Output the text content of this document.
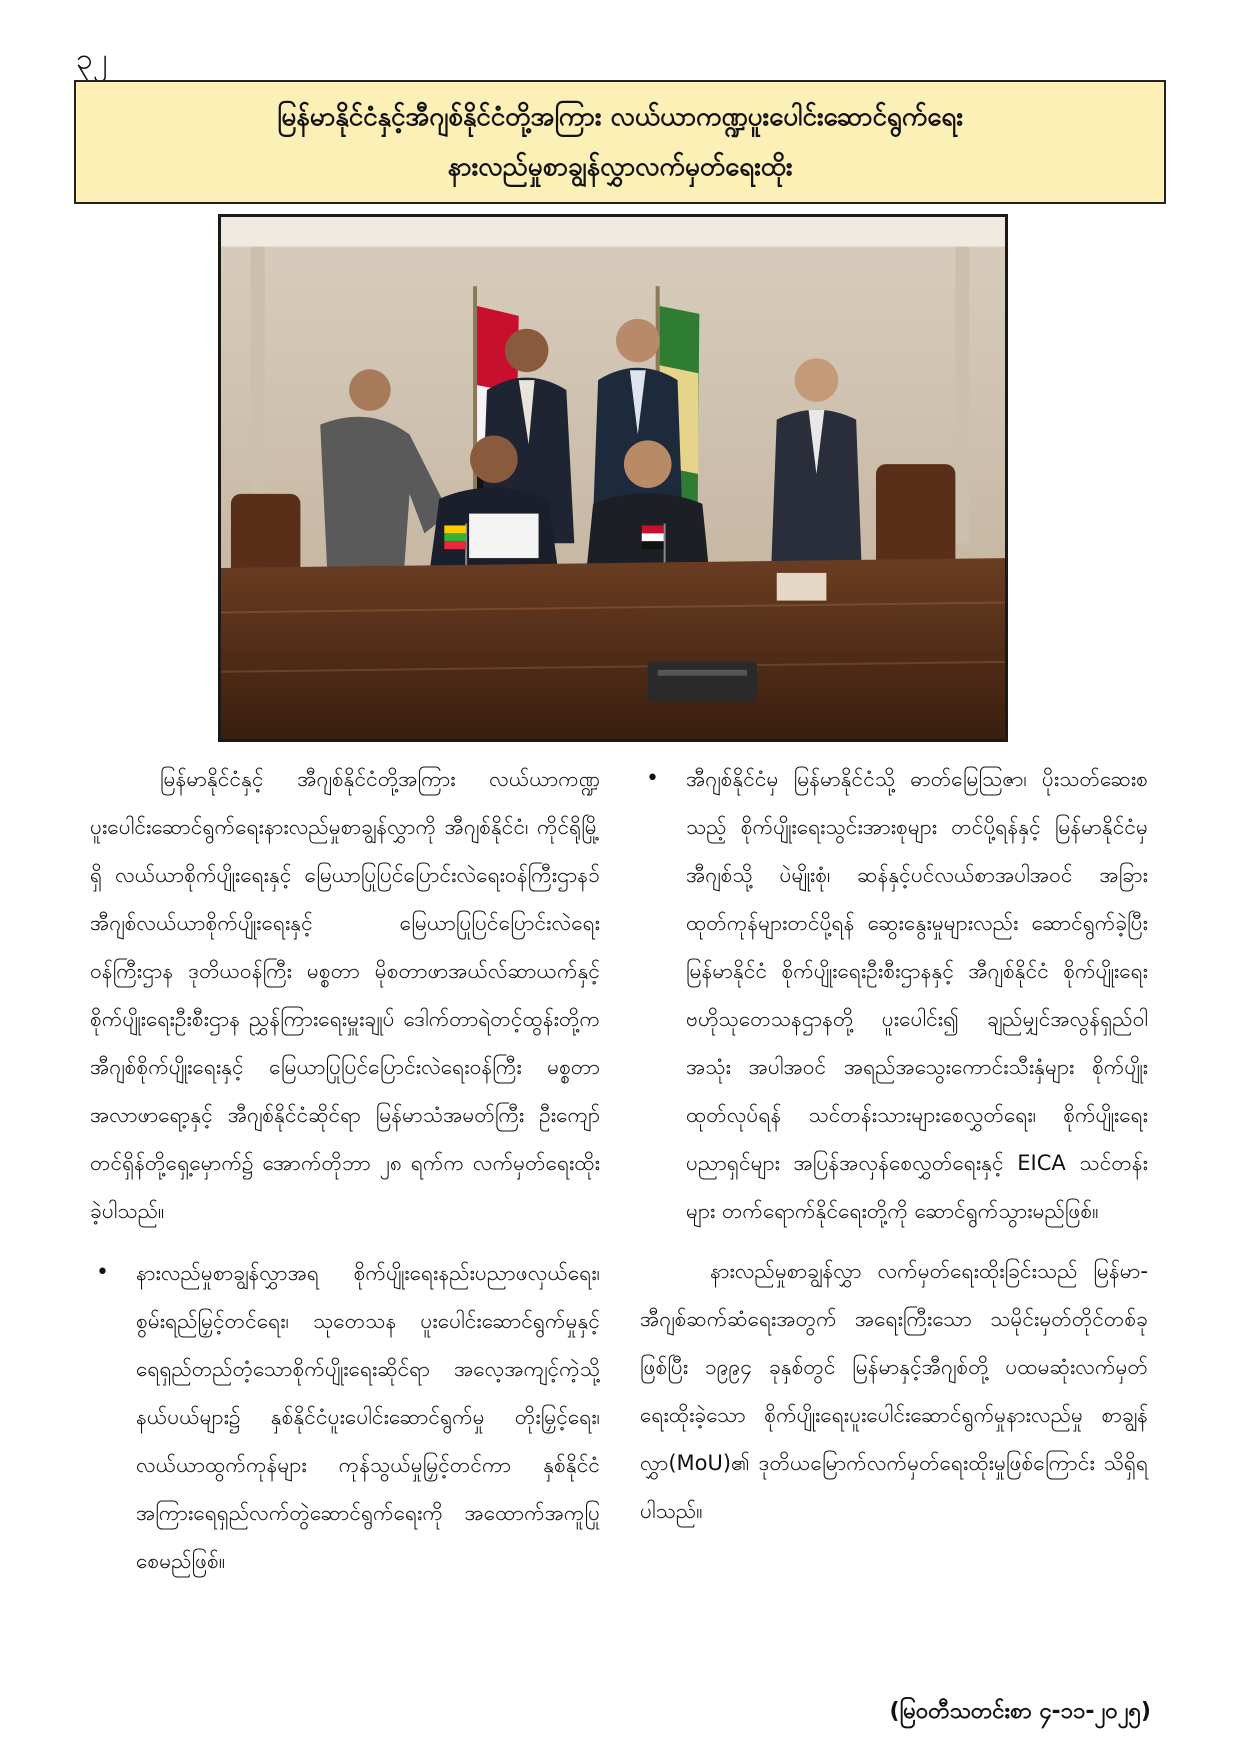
၃၂
မြန်မာနိုင်ငံနှင့်အီဂျစ်နိုင်ငံတို့အကြား လယ်ယာကဏ္ဍပူးပေါင်းဆောင်ရွက်ရေး
နားလည်မှုစာချွန်လွှာလက်မှတ်ရေးထိုး

မြန်မာနိုင်ငံနှင့် အီဂျစ်နိုင်ငံတို့အကြား လယ်ယာကဏ္ဍပူးပေါင်းဆောင်ရွက်ရေးနားလည်မှုစာချွန်လွှာကို အီဂျစ်နိုင်ငံ၊ ကိုင်ရိုမြို့ရှိ လယ်ယာစိုက်ပျိုးရေးနှင့် မြေယာပြုပြင်ပြောင်းလဲရေးဝန်ကြီးဌာနၥ် အီဂျစ်လယ်ယာစိုက်ပျိုးရေးနှင့် မြေယာပြုပြင်ပြောင်းလဲရေးဝန်ကြီးဌာန ဒုတိယဝန်ကြီး မစ္စတာ မိုစတာဖာအယ်လ်ဆာယက်နှင့် စိုက်ပျိုးရေးဦးစီးဌာန ညွှန်ကြားရေးမှူးချုပ် ဒေါက်တာရဲတင့်ထွန်းတို့က အီဂျစ်စိုက်ပျိုးရေးနှင့် မြေယာပြုပြင်ပြောင်းလဲရေးဝန်ကြီး မစ္စတာအလာဖာရော့နှင့် အီဂျစ်နိုင်ငံဆိုင်ရာ မြန်မာသံအမတ်ကြီး ဦးကျော်တင်ရှိန်တို့ရှေ့မှောက်၌ အောက်တိုဘာ ၂၈ ရက်က လက်မှတ်ရေးထိုးခဲ့ပါသည်။

• နားလည်မှုစာချွန်လွှာအရ စိုက်ပျိုးရေးနည်းပညာဖလှယ်ရေး၊ စွမ်းရည်မြှင့်တင်ရေး၊ သုတေသန ပူးပေါင်းဆောင်ရွက်မှုနှင့် ရေရှည်တည်တံ့သောစိုက်ပျိုးရေးဆိုင်ရာ အလေ့အကျင့်ကဲ့သို့ နယ်ပယ်များ၌ နှစ်နိုင်ငံပူးပေါင်းဆောင်ရွက်မှု တိုးမြှင့်ရေး၊ လယ်ယာထွက်ကုန်များ ကုန်သွယ်မှုမြှင့်တင်ကာ နှစ်နိုင်ငံအကြားရေရှည်လက်တွဲဆောင်ရွက်ရေးကို အထောက်အကူပြုစေမည်ဖြစ်။
• အီဂျစ်နိုင်ငံမှ မြန်မာနိုင်ငံသို့ ဓာတ်မြေဩဇာ၊ ပိုးသတ်ဆေးစသည့် စိုက်ပျိုးရေးသွင်းအားစုများ တင်ပို့ရန်နှင့် မြန်မာနိုင်ငံမှ အီဂျစ်သို့ ပဲမျိုးစုံ၊ ဆန်နှင့်ပင်လယ်စာအပါအဝင် အခြားထုတ်ကုန်များတင်ပို့ရန် ဆွေးနွေးမှုများလည်း ဆောင်ရွက်ခဲ့ပြီး မြန်မာနိုင်ငံ စိုက်ပျိုးရေးဦးစီးဌာနနှင့် အီဂျစ်နိုင်ငံ စိုက်ပျိုးရေးဗဟိုသုတေသနဌာနတို့ ပူးပေါင်း၍ ချည်မျှင်အလွန်ရှည်ဝါ အသုံး အပါအဝင် အရည်အသွေးကောင်းသီးနှံများ စိုက်ပျိုးထုတ်လုပ်ရန် သင်တန်းသားများစေလွှတ်ရေး၊ စိုက်ပျိုးရေးပညာရှင်များ အပြန်အလှန်စေလွှတ်ရေးနှင့် EICA သင်တန်းများ တက်ရောက်နိုင်ရေးတို့ကို ဆောင်ရွက်သွားမည်ဖြစ်။

နားလည်မှုစာချွန်လွှာ လက်မှတ်ရေးထိုးခြင်းသည် မြန်မာ-အီဂျစ်ဆက်ဆံရေးအတွက် အရေးကြီးသော သမိုင်းမှတ်တိုင်တစ်ခုဖြစ်ပြီး ၁၉၉၄ ခုနှစ်တွင် မြန်မာနှင့်အီဂျစ်တို့ ပထမဆုံးလက်မှတ်ရေးထိုးခဲ့သော စိုက်ပျိုးရေးပူးပေါင်းဆောင်ရွက်မှုနားလည်မှု စာချွန်လွှာ(MoU)၏ ဒုတိယမြောက်လက်မှတ်ရေးထိုးမှုဖြစ်ကြောင်း သိရှိရပါသည်။

(မြဝတီသတင်းစာ ၄-၁၁-၂၀၂၅)
